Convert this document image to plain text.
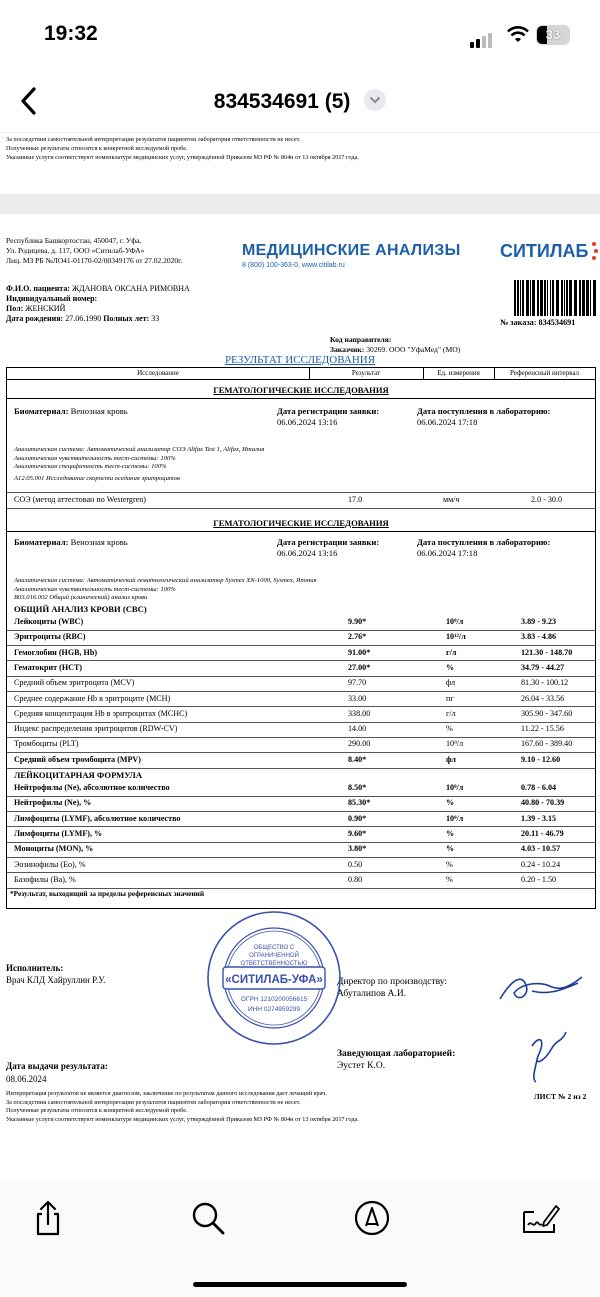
19:32	33
834534691 (5)
За последствия самостоятельной интерпретации результатов пациентом лаборатория ответственности не несет.
Полученные результаты относятся к конкретной исследуемой пробе.
Указанные услуги соответствуют номенклатуре медицинских услуг, утверждённой Приказом МЗ РФ № 804н от 13 октября 2017 года.
Республика Башкортостан, 450047, г. Уфа,
Ул. Родицева, д. 117, ООО «Ситилаб-УФА»
Лиц. МЗ РБ №ЛО41-01170-02/00349176 от 27.02.2020г.
МЕДИЦИНСКИЕ АНАЛИЗЫ
8 (800) 100-363-0, www.citilab.ru
СИТИЛАБ
Ф.И.О. пациента: ЖДАНОВА ОКСАНА РИМОВНА
Индивидуальный номер:
Пол: ЖЕНСКИЙ
Дата рождения: 27.06.1990 Полных лет: 33	№ заказа: 834534691
Код направителя:
Заказчик: 30269. ООО "УфаМед" (МО)
РЕЗУЛЬТАТ ИССЛЕДОВАНИЯ
Исследование	Результат	Ед. измерения	Референсный интервал
ГЕМАТОЛОГИЧЕСКИЕ ИССЛЕДОВАНИЯ
Биоматериал: Венозная кровь	Дата регистрации заявки:
06.06.2024 13:16
Дата поступления в лабораторию:
06.06.2024 17:18
Аналитическая система: Автоматический анализатор СОЭ Alifax Test 1, Alifax, Италия
Аналитическая чувствительность тест-системы: 100%
Аналитическая специфичность тест-системы: 100%
A12.05.001 Исследование скорости оседания эритроцитов
СОЭ (метод аттестован по Westergren)	17.0	мм/ч	2.0 - 30.0
ГЕМАТОЛОГИЧЕСКИЕ ИССЛЕДОВАНИЯ
Биоматериал: Венозная кровь	Дата регистрации заявки:
06.06.2024 13:16
Дата поступления в лабораторию:
06.06.2024 17:18
Аналитическая система: Автоматический гематологический анализатор Sysmex XN-1000, Sysmex, Япония
Аналитическая чувствительность тест-системы: 100%
B03.016.002 Общий (клинический) анализ крови
ОБЩИЙ АНАЛИЗ КРОВИ (CBC)
Лейкоциты (WBC)	9.90*	10⁹/л	3.89 - 9.23
Эритроциты (RBC)	2.76*	10¹²/л	3.83 - 4.86
Гемоглобин (HGB, Hb)	91.00*	г/л	121.30 - 148.70
Гематокрит (HCT)	27.00*	%	34.79 - 44.27
Средний объем эритроцита (MCV)	97.70	фл	81.30 - 100.12
Среднее содержание Hb в эритроците (MCH)	33.00	пг	26.04 - 33.56
Средняя концентрация Hb в эритроцитах (MCHC)	338.00	г/л	305.90 - 347.60
Индекс распределения эритроцитов (RDW-CV)	14.00	%	11.22 - 15.56
Тромбоциты (PLT)	290.00	10⁹/л	167.60 - 389.40
Средний объем тромбоцита (MPV)	8.40*	фл	9.10 - 12.60
ЛЕЙКОЦИТАРНАЯ ФОРМУЛА
Нейтрофилы (Ne), абсолютное количество	8.50*	10⁹/л	0.78 - 6.04
Нейтрофилы (Ne), %	85.30*	%	40.80 - 70.39
Лимфоциты (LYMF), абсолютное количество	0.90*	10⁹/л	1.39 - 3.15
Лимфоциты (LYMF), %	9.60*	%	20.11 - 46.79
Моноциты (MON), %	3.80*	%	4.03 - 10.57
Эозинофилы (Eo), %	0.50	%	0.24 - 10.24
Базофилы (Ba), %	0.80	%	0.20 - 1.50
*Результат, выходящий за пределы референсных значений
Исполнитель:
Врач КЛД Хайруллин Р.У.	Директор по производству:
Абуталипов А.И.
«СИТИЛАБ-УФА»
ОБЩЕСТВО С
ОГРАНИЧЕННОЙ
ОТВЕТСТВЕННОСТЬЮ
ОГРН 1210200056615
ИНН 0274959299
Заведующая лабораторией:
Эустет К.О.
Дата выдачи результата:
08.06.2024
ЛИСТ № 2 из 2
Интерпретация результатов не является диагнозом, заключение по результатам данного исследования дает лечащий врач.
За последствия самостоятельной интерпретации результатов пациентом лаборатория ответственности не несет.
Полученные результаты относятся к конкретной исследуемой пробе.
Указанные услуги соответствуют номенклатуре медицинских услуг, утверждённой Приказом МЗ РФ № 804н от 13 октября 2017 года.
